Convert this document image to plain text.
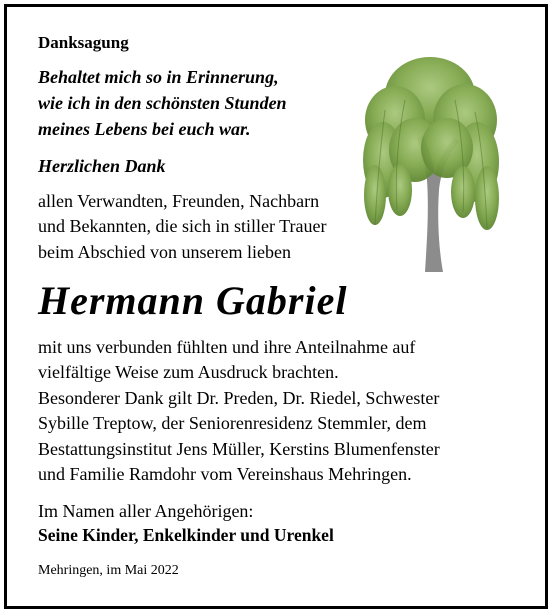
Danksagung
Behaltet mich so in Erinnerung,
wie ich in den schönsten Stunden
meines Lebens bei euch war.
Herzlichen Dank
allen Verwandten, Freunden, Nachbarn
und Bekannten, die sich in stiller Trauer
beim Abschied von unserem lieben
Hermann Gabriel
mit uns verbunden fühlten und ihre Anteilnahme auf
vielfältige Weise zum Ausdruck brachten.
Besonderer Dank gilt Dr. Preden, Dr. Riedel, Schwester
Sybille Treptow, der Seniorenresidenz Stemmler, dem
Bestattungsinstitut Jens Müller, Kerstins Blumenfenster
und Familie Ramdohr vom Vereinshaus Mehringen.
Im Namen aller Angehörigen:
Seine Kinder, Enkelkinder und Urenkel
Mehringen, im Mai 2022
